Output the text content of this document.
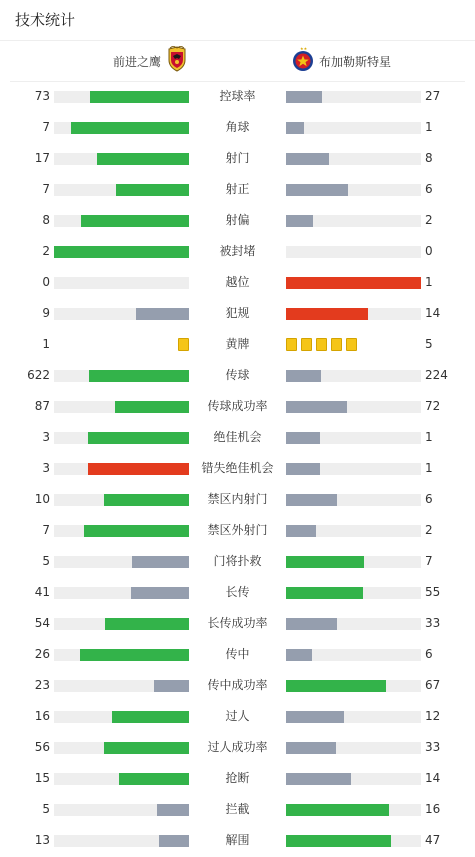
技术统计
前进之鹰
★★
布加勒斯特星
73	控球率	27
7	角球	1
17	射门	8
7	射正	6
8	射偏	2
2	被封堵	0
0	越位	1
9	犯规	14
1	黄牌	5
622	传球	224
87	传球成功率	72
3	绝佳机会	1
3	错失绝佳机会	1
10	禁区内射门	6
7	禁区外射门	2
5	门将扑救	7
41	长传	55
54	长传成功率	33
26	传中	6
23	传中成功率	67
16	过人	12
56	过人成功率	33
15	抢断	14
5	拦截	16
13	解围	47
